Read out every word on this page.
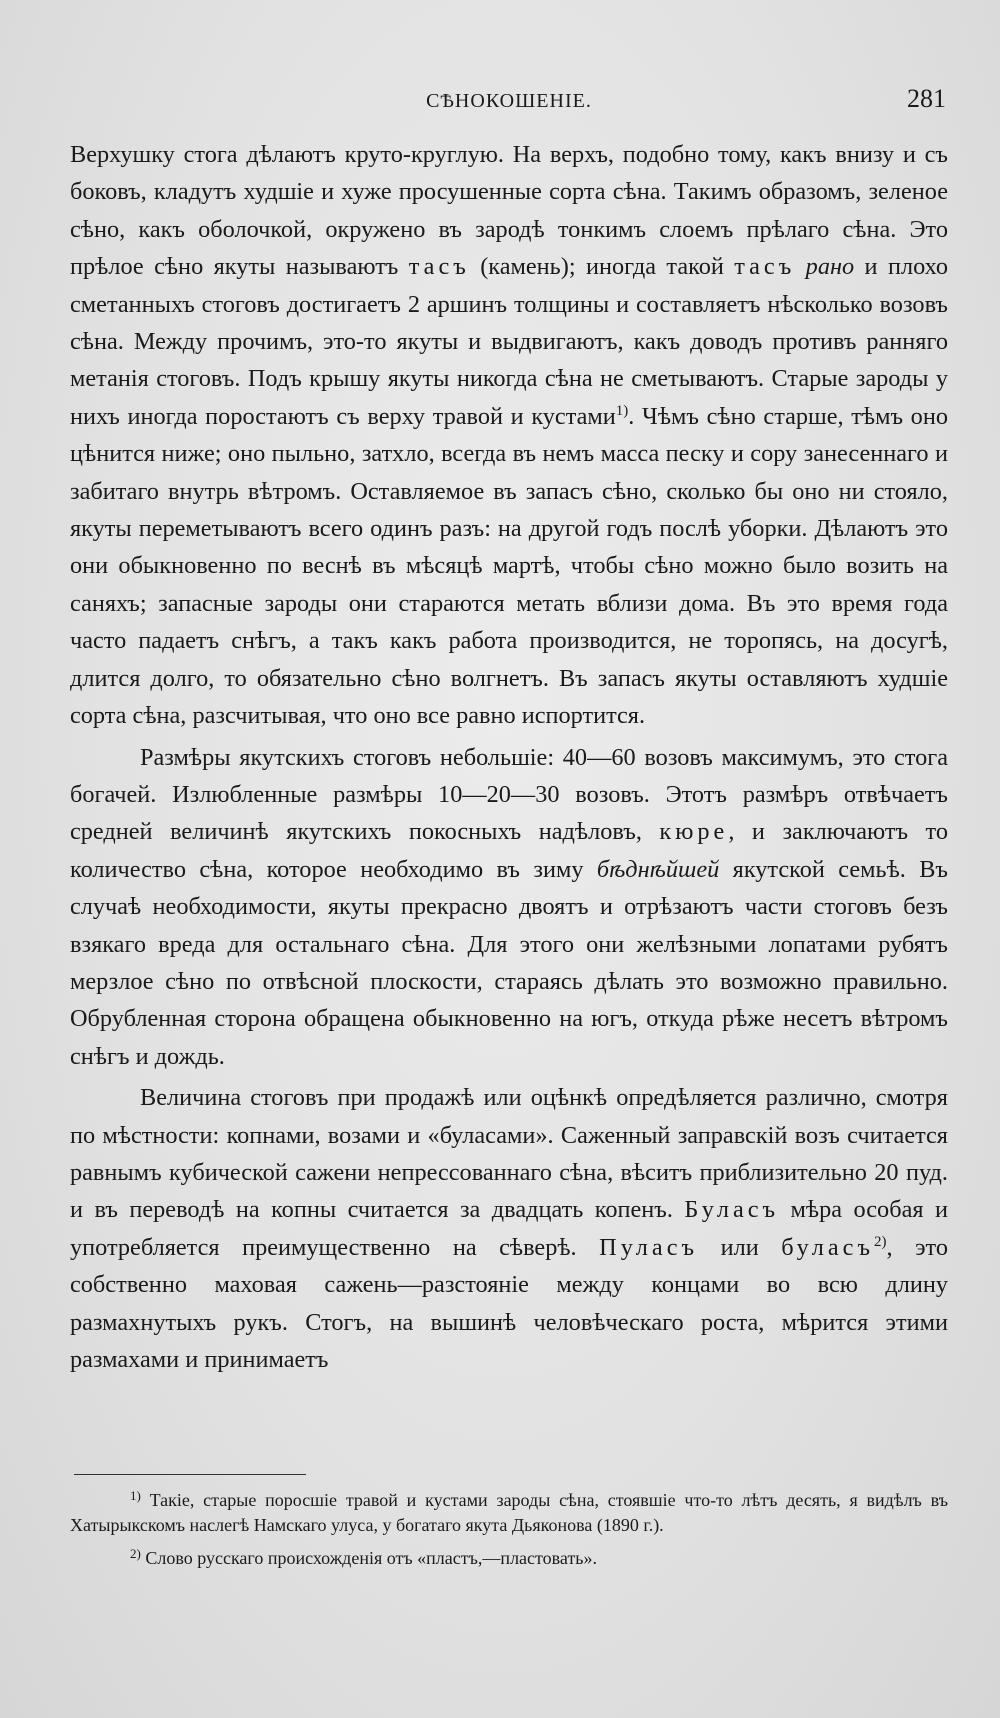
СѢНОКОШЕНІЕ.	281

Верхушку стога дѣлаютъ круто-круглую. На верхъ, подобно тому, какъ внизу и съ боковъ, кладутъ худшіе и хуже просушенные сорта сѣна. Такимъ образомъ, зеленое сѣно, какъ оболочкой, окружено въ зародѣ тонкимъ слоемъ прѣлаго сѣна. Это прѣлое сѣно якуты называютъ тасъ (камень); иногда такой тасъ рано и плохо сметанныхъ стоговъ достигаетъ 2 аршинъ толщины и составляетъ нѣсколько возовъ сѣна. Между прочимъ, это-то якуты и выдвигаютъ, какъ доводъ противъ ранняго метанія стоговъ. Подъ крышу якуты никогда сѣна не сметываютъ. Старые зароды у нихъ иногда поростаютъ съ верху травой и кустами$^{1)}$. Чѣмъ сѣно старше, тѣмъ оно цѣнится ниже; оно пыльно, затхло, всегда въ немъ масса песку и сору занесеннаго и забитаго внутрь вѣтромъ. Оставляемое въ запасъ сѣно, сколько бы оно ни стояло, якуты переметываютъ всего одинъ разъ: на другой годъ послѣ уборки. Дѣлаютъ это они обыкновенно по веснѣ въ мѣсяцѣ мартѣ, чтобы сѣно можно было возить на саняхъ; запасные зароды они стараются метать вблизи дома. Въ это время года часто падаетъ снѣгъ, а такъ какъ работа производится, не торопясь, на досугѣ, длится долго, то обязательно сѣно волгнетъ. Въ запасъ якуты оставляютъ худшіе сорта сѣна, разсчитывая, что оно все равно испортится.

Размѣры якутскихъ стоговъ небольшіе: 40—60 возовъ максимумъ, это стога богачей. Излюбленные размѣры 10—20—30 возовъ. Этотъ размѣръ отвѣчаетъ средней величинѣ якутскихъ покосныхъ надѣловъ, кюре, и заключаютъ то количество сѣна, которое необходимо въ зиму бѣднѣйшей якутской семьѣ. Въ случаѣ необходимости, якуты прекрасно двоятъ и отрѣзаютъ части стоговъ безъ взякаго вреда для остальнаго сѣна. Для этого они желѣзными лопатами рубятъ мерзлое сѣно по отвѣсной плоскости, стараясь дѣлать это возможно правильно. Обрубленная сторона обращена обыкновенно на югъ, откуда рѣже несетъ вѣтромъ снѣгъ и дождь.

Величина стоговъ при продажѣ или оцѣнкѣ опредѣляется различно, смотря по мѣстности: копнами, возами и «буласами». Саженный заправскій возъ считается равнымъ кубической сажени непрессованнаго сѣна, вѣситъ приблизительно 20 пуд. и въ переводѣ на копны считается за двадцать копенъ. Буласъ мѣра особая и употребляется преимущественно на сѣверѣ. Пуласъ или буласъ$^{2)}$, это собственно маховая сажень—разстояніе между концами во всю длину размахнутыхъ рукъ. Стогъ, на вышинѣ человѣческаго роста, мѣрится этими размахами и принимаетъ

$^{1)}$ Такіе, старые поросшіе травой и кустами зароды сѣна, стоявшіе что-то лѣтъ десять, я видѣлъ въ Хатырыкскомъ наслегѣ Намскаго улуса, у богатаго якута Дьяконова (1890 г.).

$^{2)}$ Слово русскаго происхожденія отъ «пластъ,—пластовать».
